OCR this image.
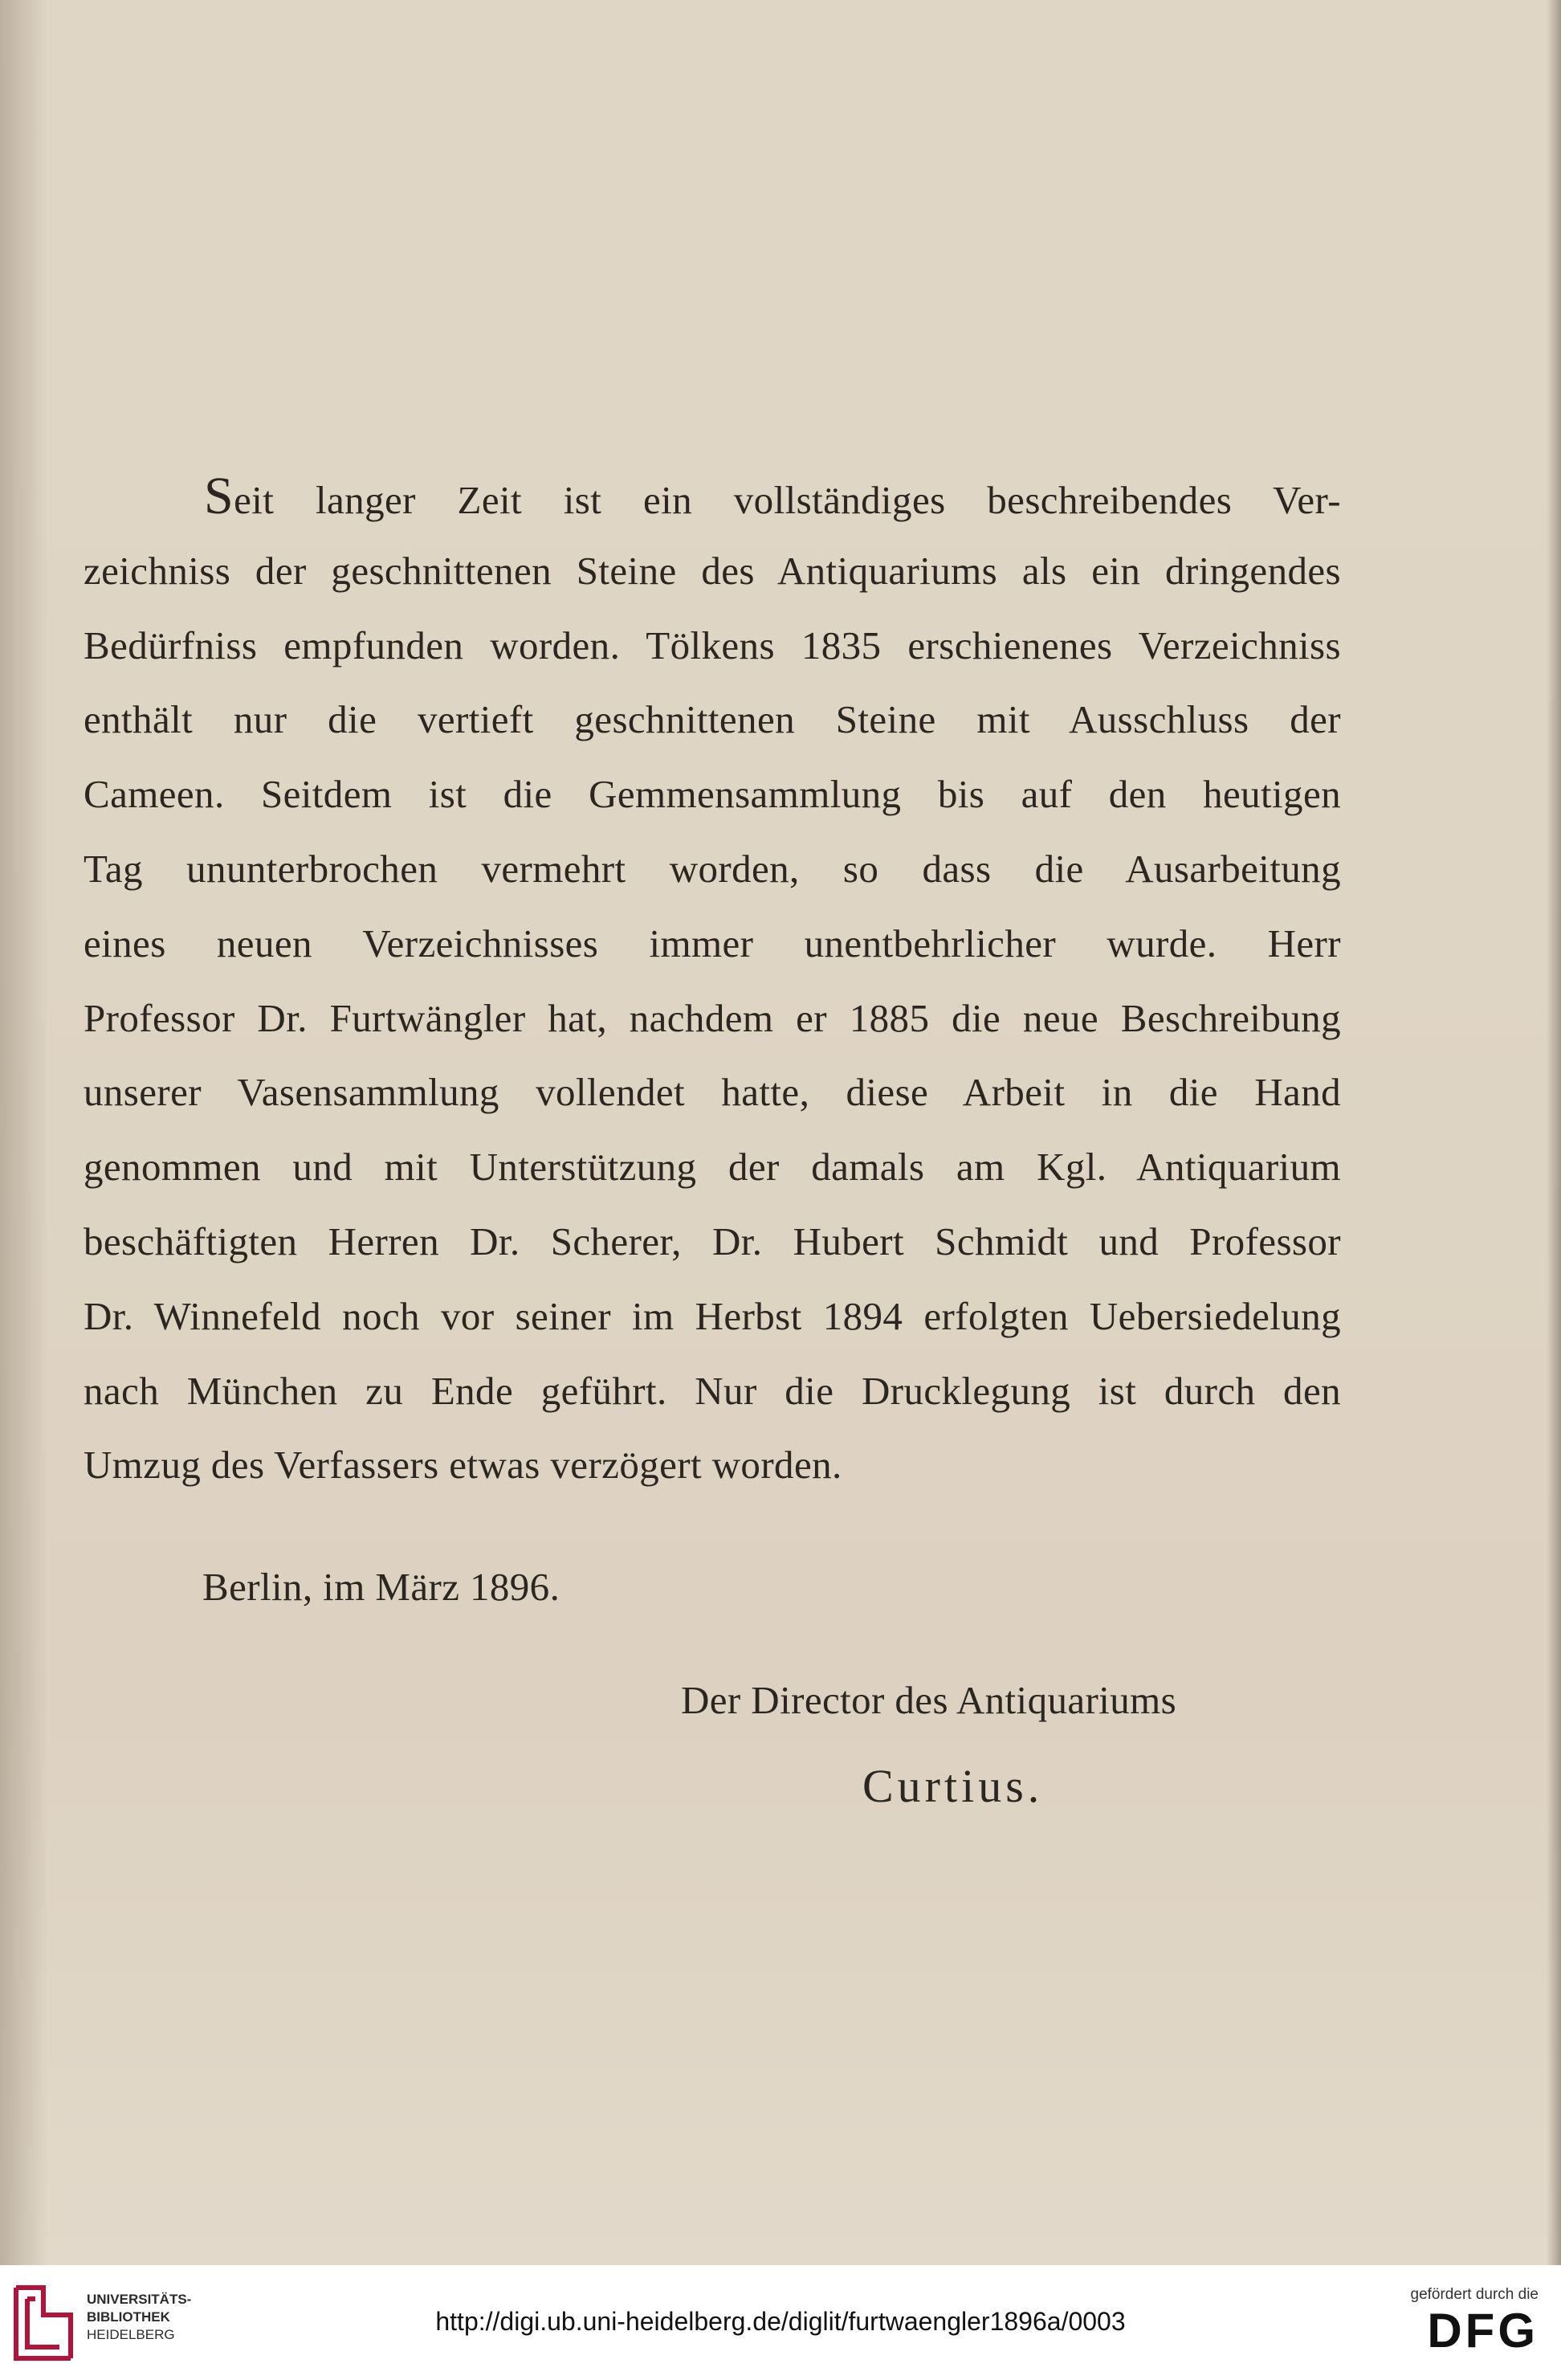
Seit langer Zeit ist ein vollständiges beschreibendes Ver-
zeichniss der geschnittenen Steine des Antiquariums als ein dringendes
Bedürfniss empfunden worden. Tölkens 1835 erschienenes Verzeichniss
enthält nur die vertieft geschnittenen Steine mit Ausschluss der
Cameen. Seitdem ist die Gemmensammlung bis auf den heutigen
Tag ununterbrochen vermehrt worden, so dass die Ausarbeitung
eines neuen Verzeichnisses immer unentbehrlicher wurde. Herr
Professor Dr. Furtwängler hat, nachdem er 1885 die neue Beschreibung
unserer Vasensammlung vollendet hatte, diese Arbeit in die Hand
genommen und mit Unterstützung der damals am Kgl. Antiquarium
beschäftigten Herren Dr. Scherer, Dr. Hubert Schmidt und Professor
Dr. Winnefeld noch vor seiner im Herbst 1894 erfolgten Uebersiedelung
nach München zu Ende geführt. Nur die Drucklegung ist durch den
Umzug des Verfassers etwas verzögert worden.
Berlin, im März 1896.
Der Director des Antiquariums
Curtius.
UNIVERSITÄTS-
BIBLIOTHEK
HEIDELBERG	http://digi.ub.uni-heidelberg.de/diglit/furtwaengler1896a/0003
gefördert durch die
DFG
